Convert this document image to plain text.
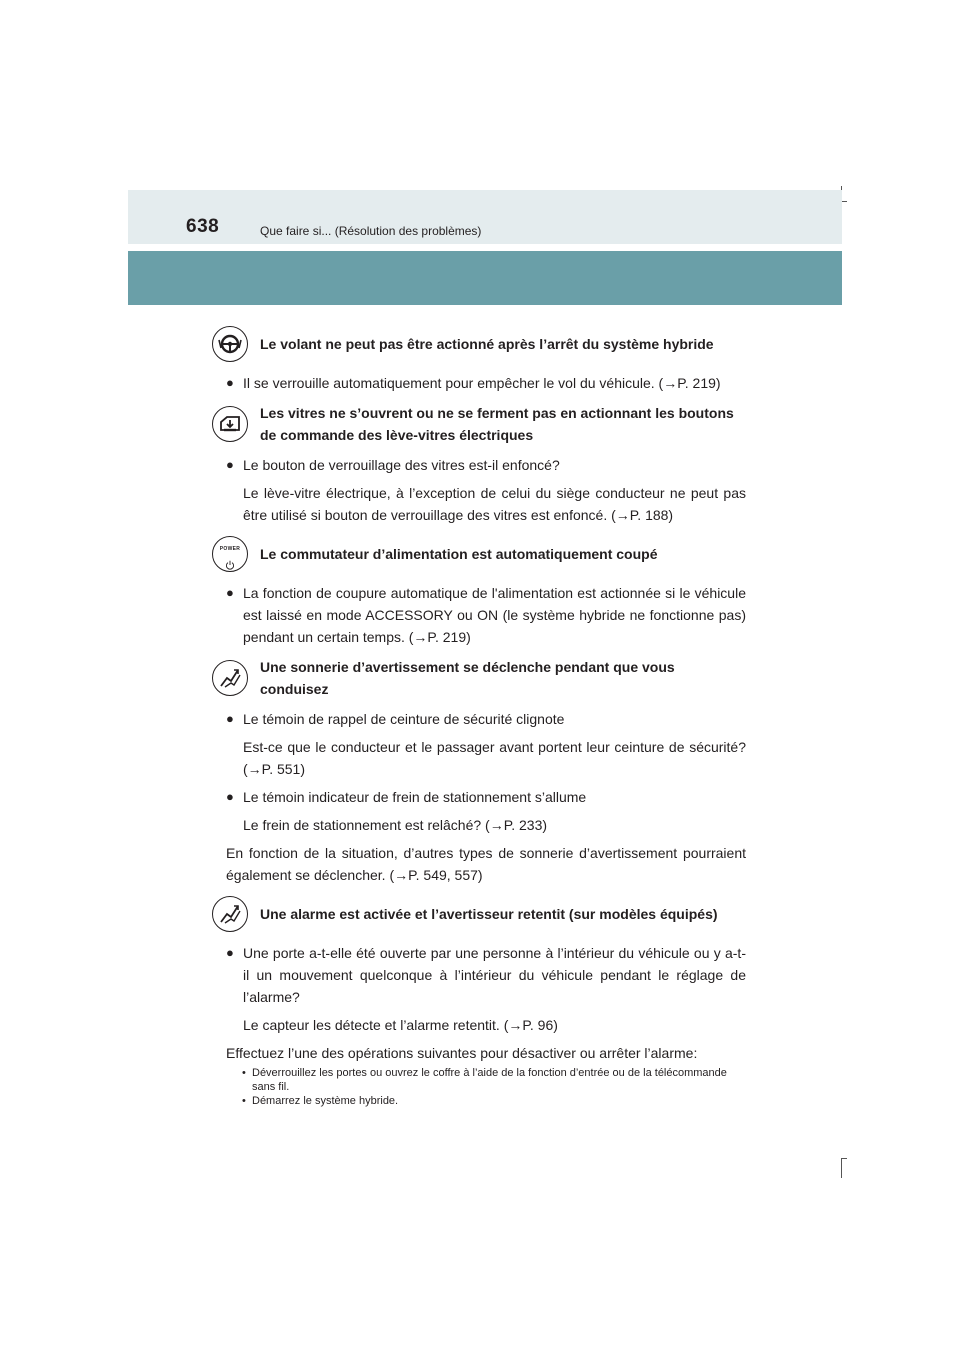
638	Que faire si... (Résolution des problèmes)
Le volant ne peut pas être actionné après l’arrêt du système hybride
● Il se verrouille automatiquement pour empêcher le vol du véhicule. (→P. 219)
Les vitres ne s’ouvrent ou ne se ferment pas en actionnant les boutons de commande des lève-vitres électriques
● Le bouton de verrouillage des vitres est-il enfoncé?
Le lève-vitre électrique, à l’exception de celui du siège conducteur ne peut pas être utilisé si bouton de verrouillage des vitres est enfoncé. (→P. 188)
POWER Le commutateur d’alimentation est automatiquement coupé
● La fonction de coupure automatique de l'alimentation est actionnée si le véhicule est laissé en mode ACCESSORY ou ON (le système hybride ne fonctionne pas) pendant un certain temps. (→P. 219)
Une sonnerie d’avertissement se déclenche pendant que vous conduisez
● Le témoin de rappel de ceinture de sécurité clignote
Est-ce que le conducteur et le passager avant portent leur ceinture de sécurité? (→P. 551)
● Le témoin indicateur de frein de stationnement s’allume
Le frein de stationnement est relâché? (→P. 233)
En fonction de la situation, d’autres types de sonnerie d’avertissement pourraient également se déclencher. (→P. 549, 557)
Une alarme est activée et l’avertisseur retentit (sur modèles équipés)
● Une porte a-t-elle été ouverte par une personne à l’intérieur du véhicule ou y a-t-il un mouvement quelconque à l’intérieur du véhicule pendant le réglage de l’alarme?
Le capteur les détecte et l’alarme retentit. (→P. 96)
Effectuez l’une des opérations suivantes pour désactiver ou arrêter l’alarme:
• Déverrouillez les portes ou ouvrez le coffre à l’aide de la fonction d’entrée ou de la télécommande sans fil.
• Démarrez le système hybride.
